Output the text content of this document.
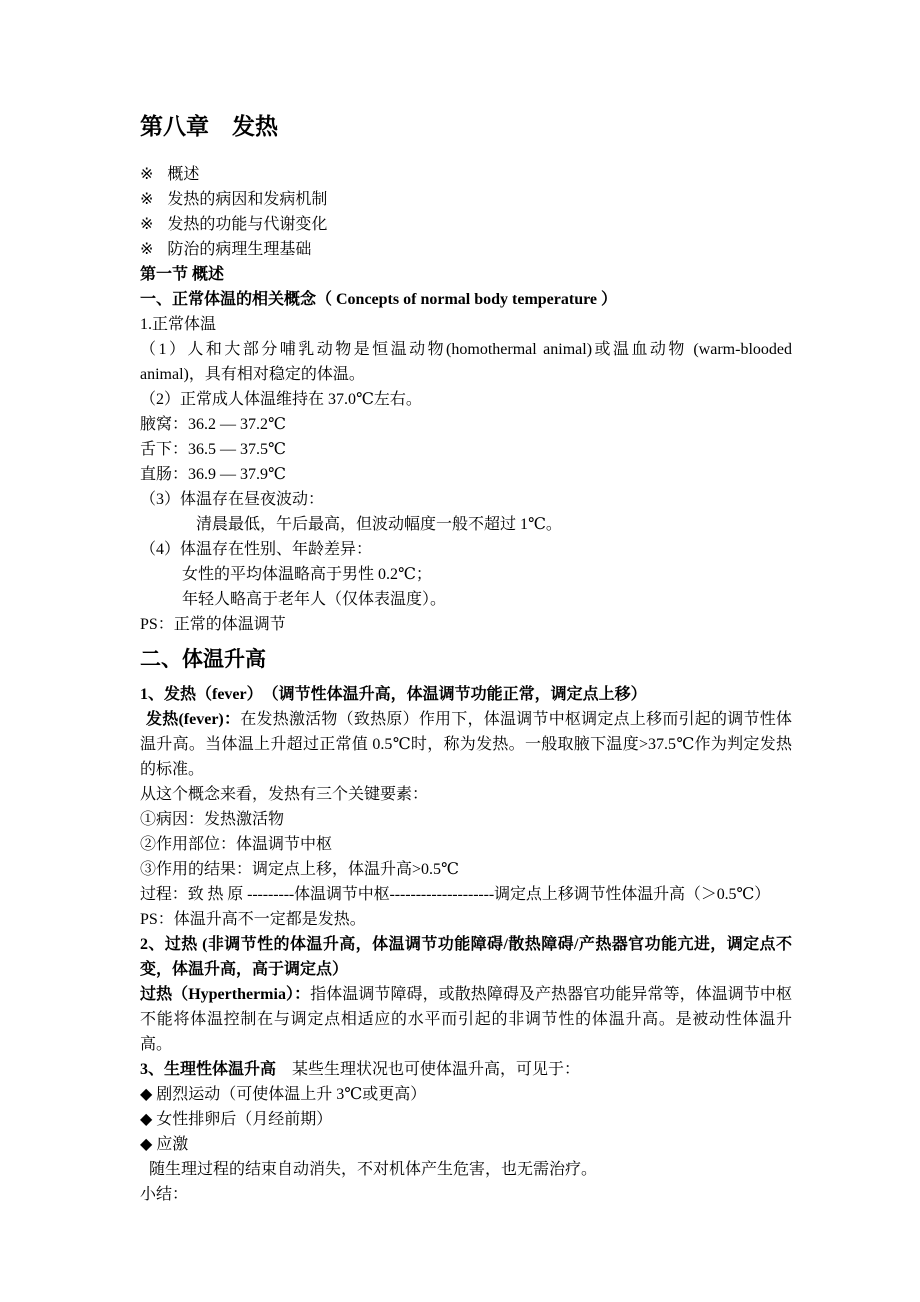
第八章　发热

※ 概述

※ 发热的病因和发病机制

※ 发热的功能与代谢变化

※ 防治的病理生理基础

第一节 概述
一、正常体温的相关概念（ Concepts of normal body temperature ）

1.正常体温

（1）人和大部分哺乳动物是恒温动物(homothermal animal)或温血动物 (warm-blooded animal)，具有相对稳定的体温。

（2）正常成人体温维持在 37.0℃左右。

腋窝：36.2 — 37.2℃

舌下：36.5 — 37.5℃

直肠：36.9 — 37.9℃

（3）体温存在昼夜波动：

清晨最低，午后最高，但波动幅度一般不超过 1℃。

（4）体温存在性别、年龄差异：

女性的平均体温略高于男性 0.2℃；

年轻人略高于老年人（仅体表温度）。

PS：正常的体温调节

二、体温升高
1、发热（fever）　（调节性体温升高，体温调节功能正常，调定点上移）

发热(fever)：在发热激活物（致热原）作用下，体温调节中枢调定点上移而引起的调节性体温升高。当体温上升超过正常值 0.5℃时，称为发热。一般取腋下温度>37.5℃作为判定发热的标准。

从这个概念来看，发热有三个关键要素：

①病因：发热激活物

②作用部位：体温调节中枢

③作用的结果：调定点上移，体温升高>0.5℃

过程：致 热 原 ---------体温调节中枢--------------------调定点上移调节性体温升高（＞0.5℃）

PS：体温升高不一定都是发热。

2、过热 (非调节性的体温升高，体温调节功能障碍/散热障碍/产热器官功能亢进，调定点不变，体温升高，高于调定点）

过热（Hyperthermia）：指体温调节障碍，或散热障碍及产热器官功能异常等，体温调节中枢不能将体温控制在与调定点相适应的水平而引起的非调节性的体温升高。是被动性体温升高。

3、生理性体温升高　某些生理状况也可使体温升高，可见于：

◆ 剧烈运动（可使体温上升 3℃或更高）

◆ 女性排卵后（月经前期）

◆ 应激

随生理过程的结束自动消失，不对机体产生危害，也无需治疗。

小结：
